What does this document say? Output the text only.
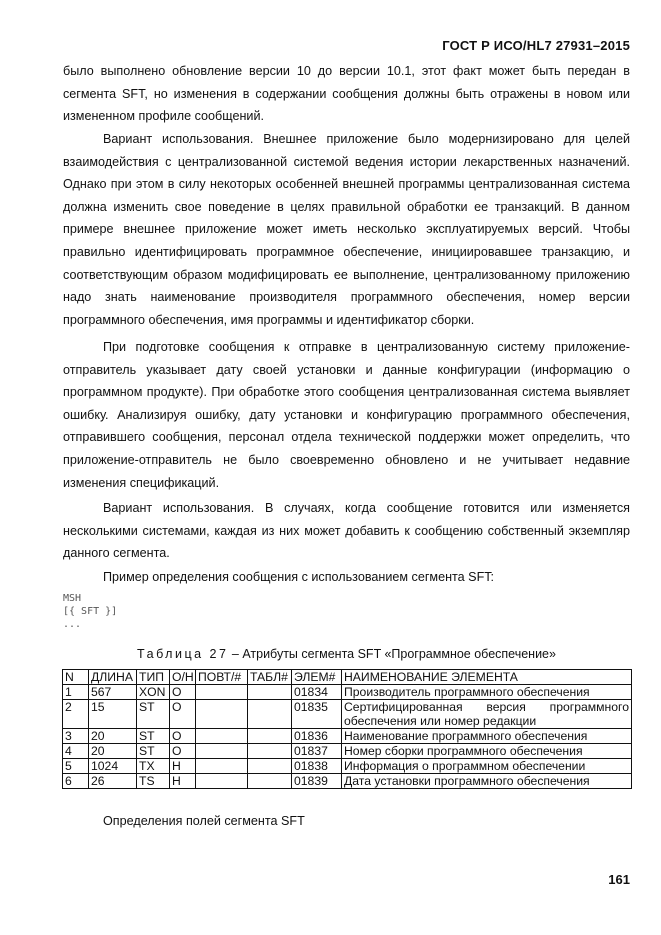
ГОСТ Р ИСО/HL7 27931–2015

было выполнено обновление версии 10 до версии 10.1, этот факт может быть передан в сегмента SFT, но изменения в содержании сообщения должны быть отражены в новом или измененном профиле сообщений.

Вариант использования. Внешнее приложение было модернизировано для целей взаимодействия с централизованной системой ведения истории лекарственных назначений. Однако при этом в силу некоторых особенней внешней программы централизованная система должна изменить свое поведение в целях правильной обработки ее транзакций. В данном примере внешнее приложение может иметь несколько эксплуатируемых версий. Чтобы правильно идентифицировать программное обеспечение, инициировавшее транзакцию, и соответствующим образом модифицировать ее выполнение, централизованному приложению надо знать наименование производителя программного обеспечения, номер версии программного обеспечения, имя программы и идентификатор сборки.

При подготовке сообщения к отправке в централизованную систему приложение-отправитель указывает дату своей установки и данные конфигурации (информацию о программном продукте). При обработке этого сообщения централизованная система выявляет ошибку. Анализируя ошибку, дату установки и конфигурацию программного обеспечения, отправившего сообщения, персонал отдела технической поддержки может определить, что приложение-отправитель не было своевременно обновлено и не учитывает недавние изменения спецификаций.

Вариант использования. В случаях, когда сообщение готовится или изменяется несколькими системами, каждая из них может добавить к сообщению собственный экземпляр данного сегмента.

Пример определения сообщения с использованием сегмента SFT:

MSH
[{ SFT }]
...
Таблица 27 – Атрибуты сегмента SFT «Программное обеспечение»
N	ДЛИНА	ТИП	О/Н	ПОВТ/#	ТАБЛ#	ЭЛЕМ#	НАИМЕНОВАНИЕ ЭЛЕМЕНТА
1	567	XON	O			01834	Производитель программного обеспечения
2	15	ST	O			01835	Сертифицированная версия программного обеспечения или номер редакции
3	20	ST	O			01836	Наименование программного обеспечения
4	20	ST	O			01837	Номер сборки программного обеспечения
5	1024	TX	Н			01838	Информация о программном обеспечении
6	26	TS	Н			01839	Дата установки программного обеспечения
Определения полей сегмента SFT
161
